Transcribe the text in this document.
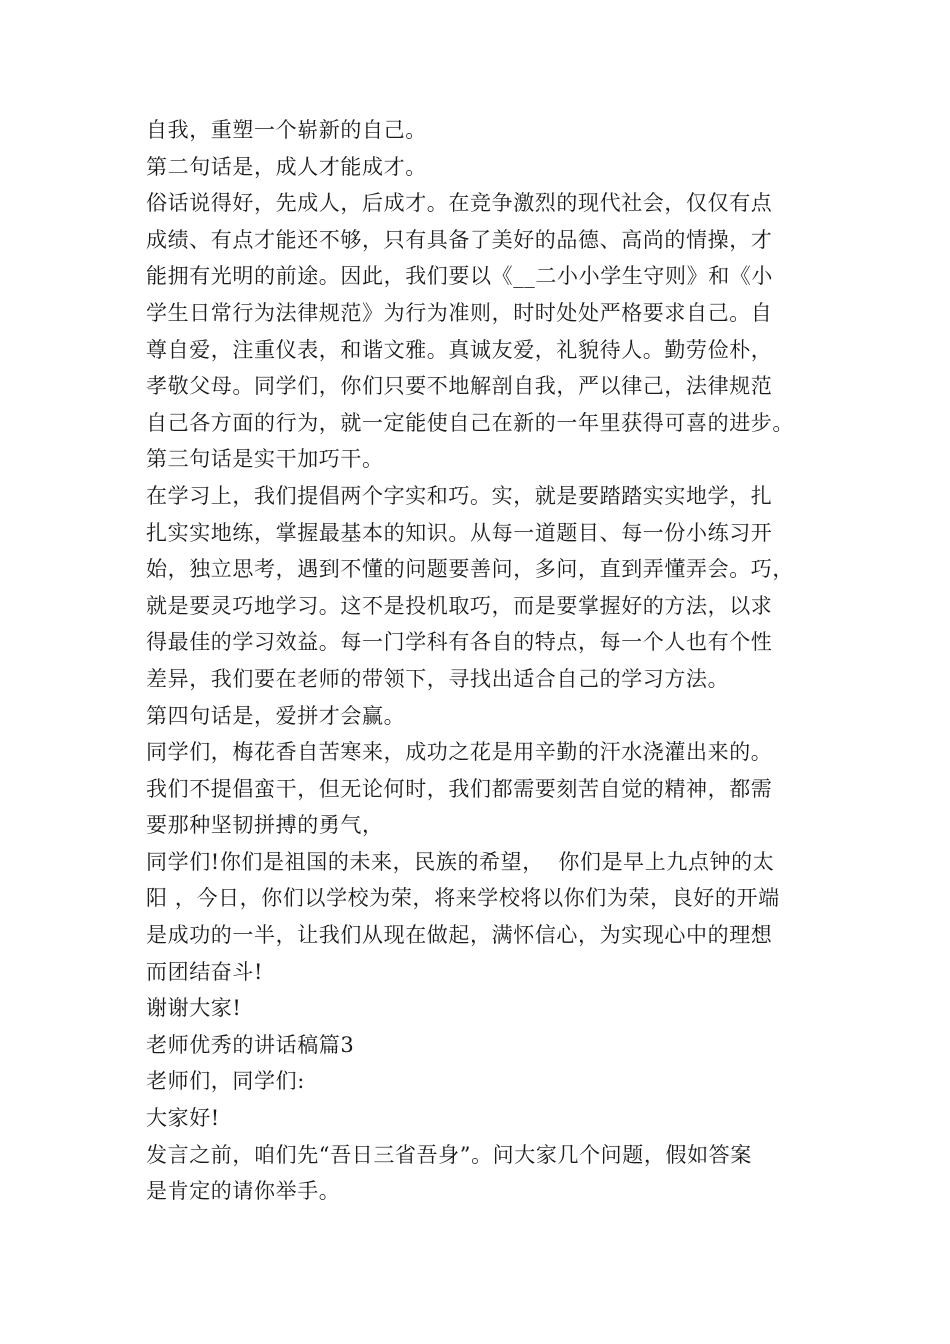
自我，重塑一个崭新的自己。
第二句话是，成人才能成才。
俗话说得好，先成人，后成才。在竞争激烈的现代社会，仅仅有点
成绩、有点才能还不够，只有具备了美好的品德、高尚的情操，才
能拥有光明的前途。因此，我们要以《__二小小学生守则》和《小
学生日常行为法律规范》为行为准则，时时处处严格要求自己。自
尊自爱，注重仪表，和谐文雅。真诚友爱，礼貌待人。勤劳俭朴，
孝敬父母。同学们，你们只要不地解剖自我，严以律己，法律规范
自己各方面的行为，就一定能使自己在新的一年里获得可喜的进步。
第三句话是实干加巧干。
在学习上，我们提倡两个字实和巧。实，就是要踏踏实实地学，扎
扎实实地练，掌握最基本的知识。从每一道题目、每一份小练习开
始，独立思考，遇到不懂的问题要善问，多问，直到弄懂弄会。巧，
就是要灵巧地学习。这不是投机取巧，而是要掌握好的方法，以求
得最佳的学习效益。每一门学科有各自的特点，每一个人也有个性
差异，我们要在老师的带领下，寻找出适合自己的学习方法。
第四句话是，爱拼才会赢。
同学们，梅花香自苦寒来，成功之花是用辛勤的汗水浇灌出来的。
我们不提倡蛮干，但无论何时，我们都需要刻苦自觉的精神，都需
要那种坚韧拼搏的勇气，
同学们!你们是祖国的未来，民族的希望，  你们是早上九点钟的太
阳 ，今日，你们以学校为荣，将来学校将以你们为荣，良好的开端
是成功的一半，让我们从现在做起，满怀信心，为实现心中的理想
而团结奋斗!
谢谢大家!
老师优秀的讲话稿篇3
老师们，同学们:
大家好!
发言之前，咱们先“吾日三省吾身”。问大家几个问题，假如答案
是肯定的请你举手。
